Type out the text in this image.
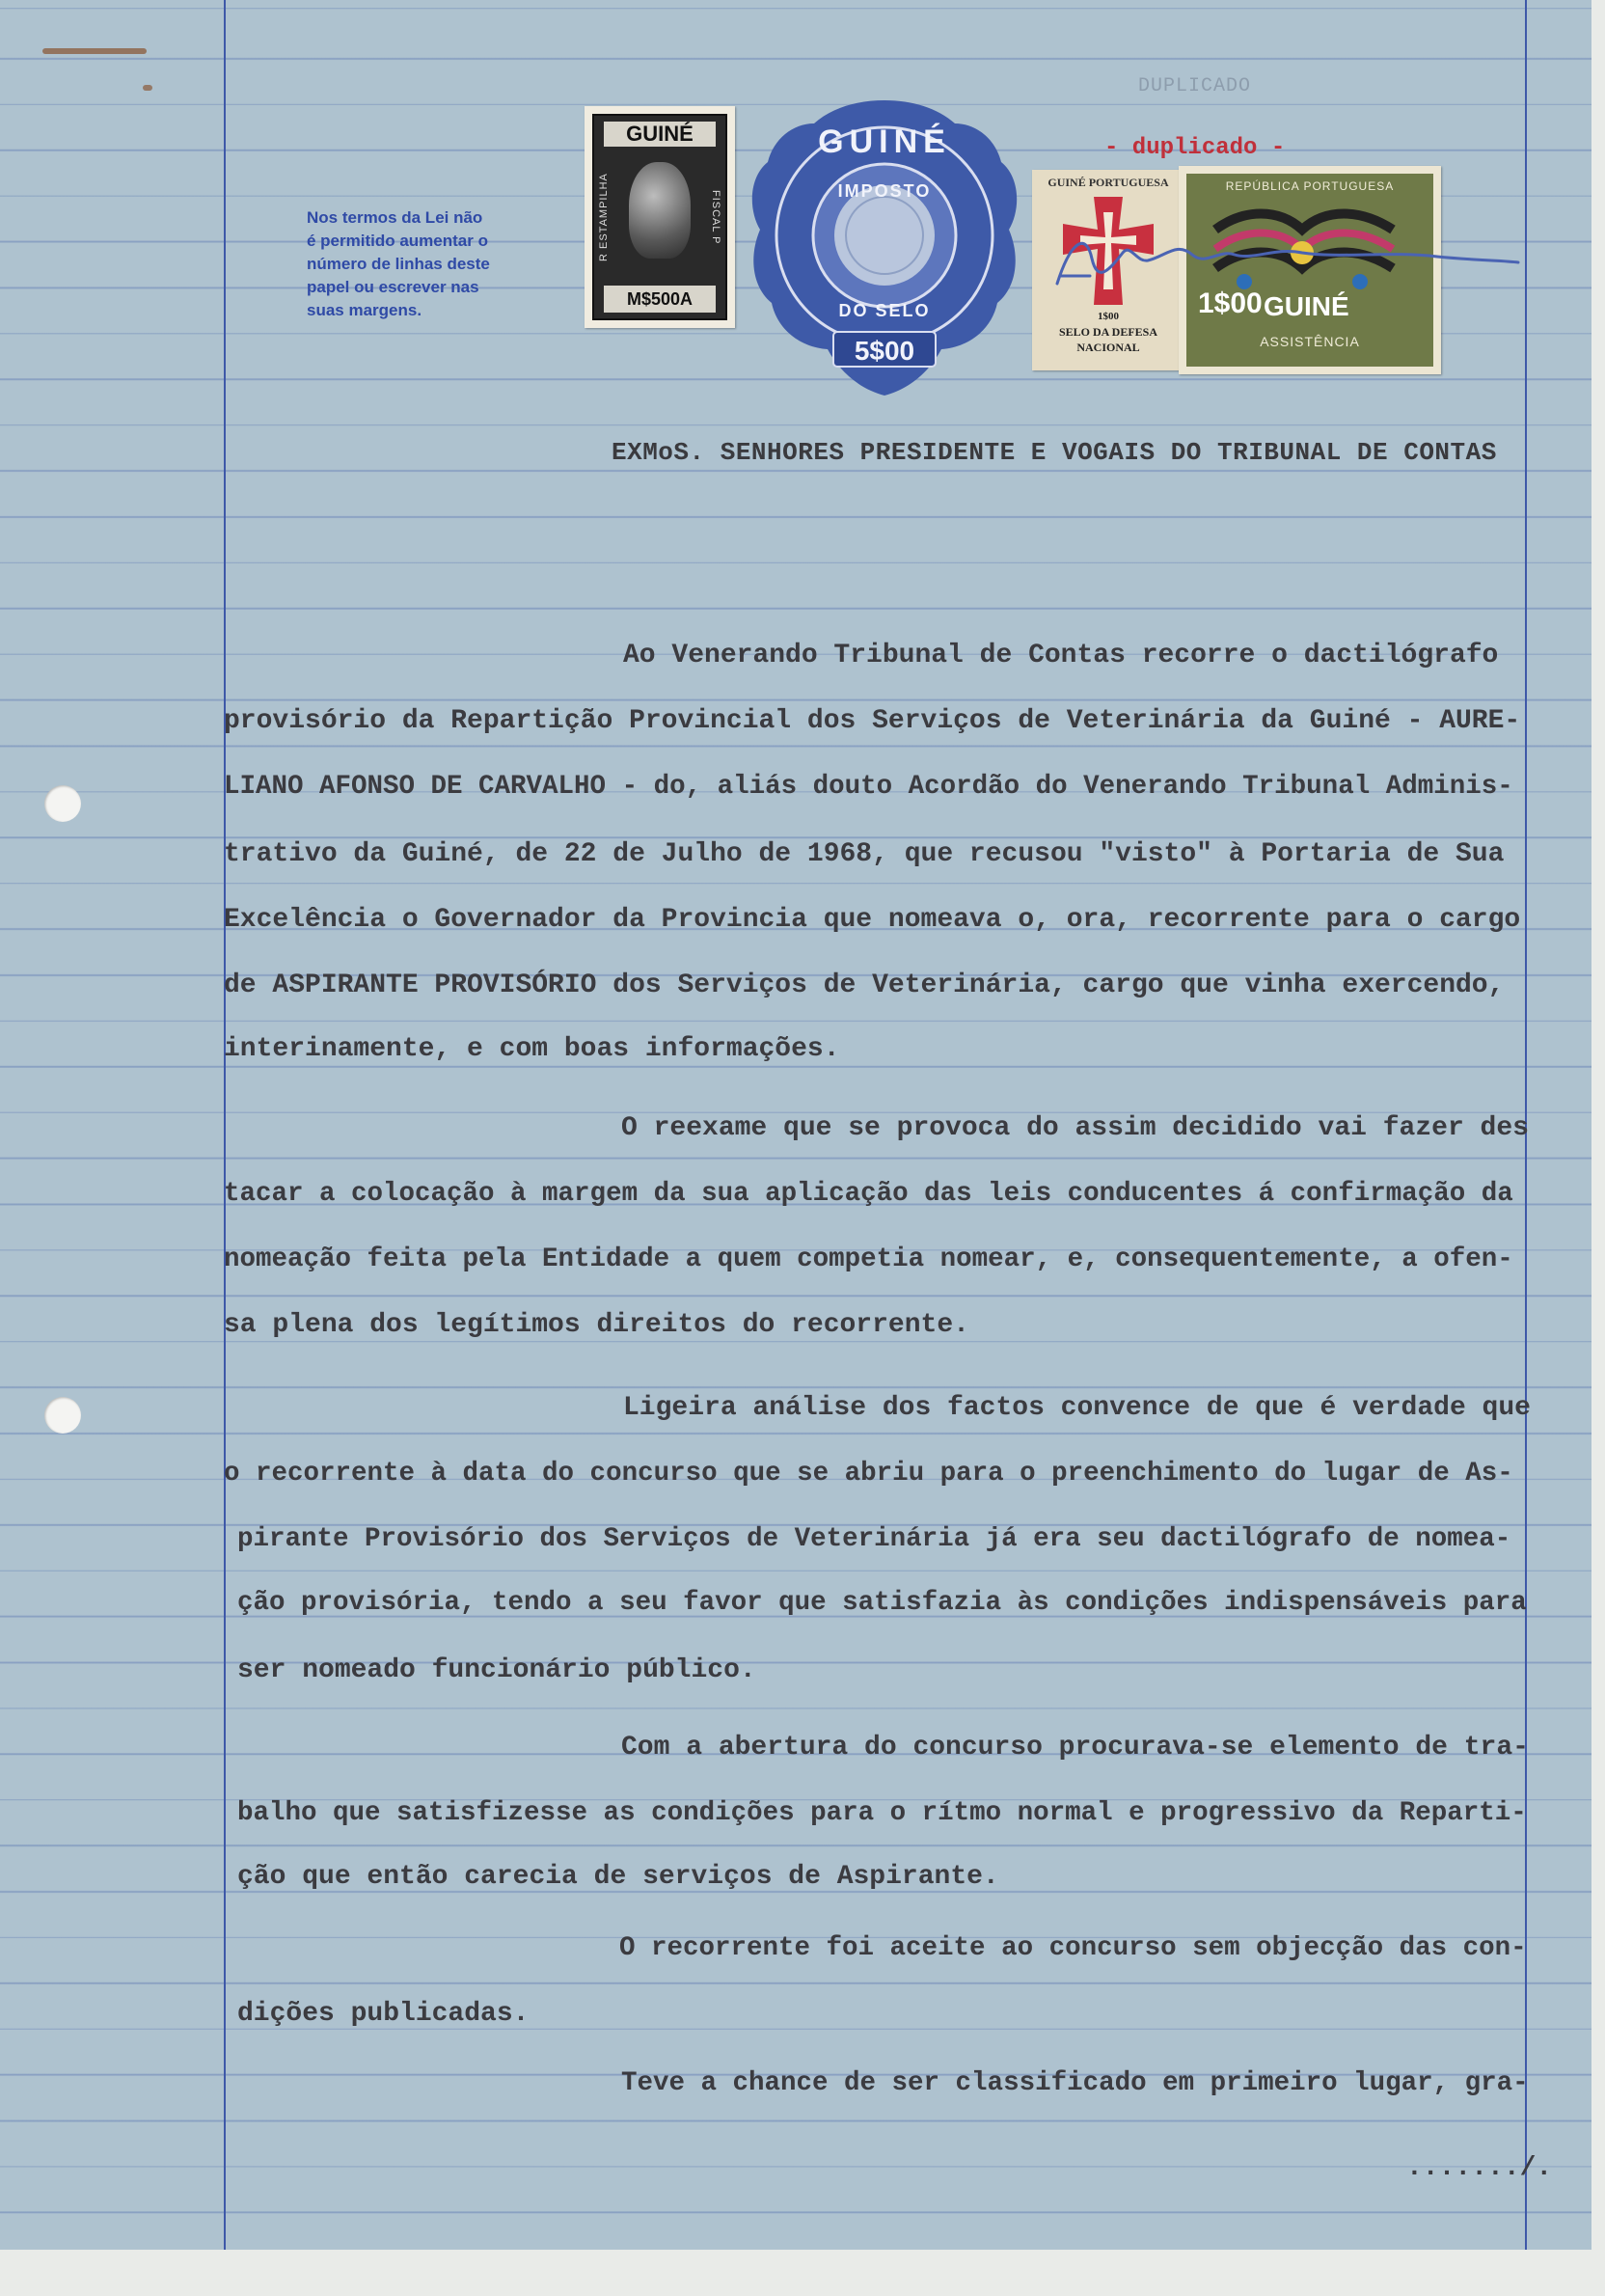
Nos termos da Lei não
é permitido aumentar o
número de linhas deste
papel ou escrever nas
suas margens.
GUINÉ
R ESTAMPILHA	FISCAL P
M$500A
GUINÉ
IMPOSTO
DO SELO
5$00
DUPLICADO
- duplicado -
GUINÉ PORTUGUESA
1$00
SELO DA DEFESA
NACIONAL
REPÚBLICA PORTUGUESA
1$00 GUINÉ
ASSISTÊNCIA
EXMoS. SENHORES PRESIDENTE E VOGAIS DO TRIBUNAL DE CONTAS
Ao Venerando Tribunal de Contas recorre o dactilógrafo
provisório da Repartição Provincial dos Serviços de Veterinária da Guiné - AURE-
LIANO AFONSO DE CARVALHO - do, aliás douto Acordão do Venerando Tribunal Adminis-
trativo da Guiné, de 22 de Julho de 1968, que recusou "visto" à Portaria de Sua
Excelência o Governador da Provincia que nomeava o, ora, recorrente para o cargo
de ASPIRANTE PROVISÓRIO dos Serviços de Veterinária, cargo que vinha exercendo,
interinamente, e com boas informações.
O reexame que se provoca do assim decidido vai fazer des
tacar a colocação à margem da sua aplicação das leis conducentes á confirmação da
nomeação feita pela Entidade a quem competia nomear, e, consequentemente, a ofen-
sa plena dos legítimos direitos do recorrente.
Ligeira análise dos factos convence de que é verdade que
o recorrente à data do concurso que se abriu para o preenchimento do lugar de As-
pirante Provisório dos Serviços de Veterinária já era seu dactilógrafo de nomea-
ção provisória, tendo a seu favor que satisfazia às condições indispensáveis para
ser nomeado funcionário público.
Com a abertura do concurso procurava-se elemento de tra-
balho que satisfizesse as condições para o rítmo normal e progressivo da Reparti-
ção que então carecia de serviços de Aspirante.
O recorrente foi aceite ao concurso sem objecção das con-
dições publicadas.
Teve a chance de ser classificado em primeiro lugar, gra-
......./.
